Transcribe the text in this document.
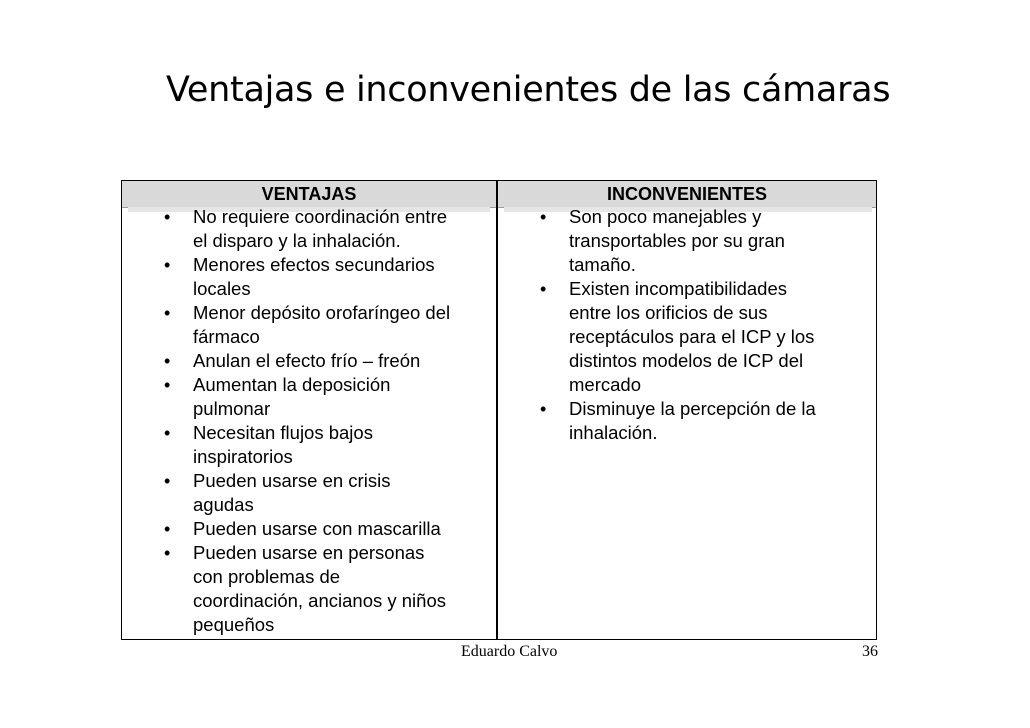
Ventajas e inconvenientes de las cámaras
VENTAJAS	INCONVENIENTES
• No requiere coordinación entre
el disparo y la inhalación.
• Menores efectos secundarios
locales
• Menor depósito orofaríngeo del
fármaco
• Anulan el efecto frío – freón
• Aumentan la deposición
pulmonar
• Necesitan flujos bajos
inspiratorios
• Pueden usarse en crisis
agudas
• Pueden usarse con mascarilla
• Pueden usarse en personas
con problemas de
coordinación, ancianos y niños
pequeños
• Son poco manejables y
transportables por su gran
tamaño.
• Existen incompatibilidades
entre los orificios de sus
receptáculos para el ICP y los
distintos modelos de ICP del
mercado
• Disminuye la percepción de la
inhalación.
Eduardo Calvo	36
